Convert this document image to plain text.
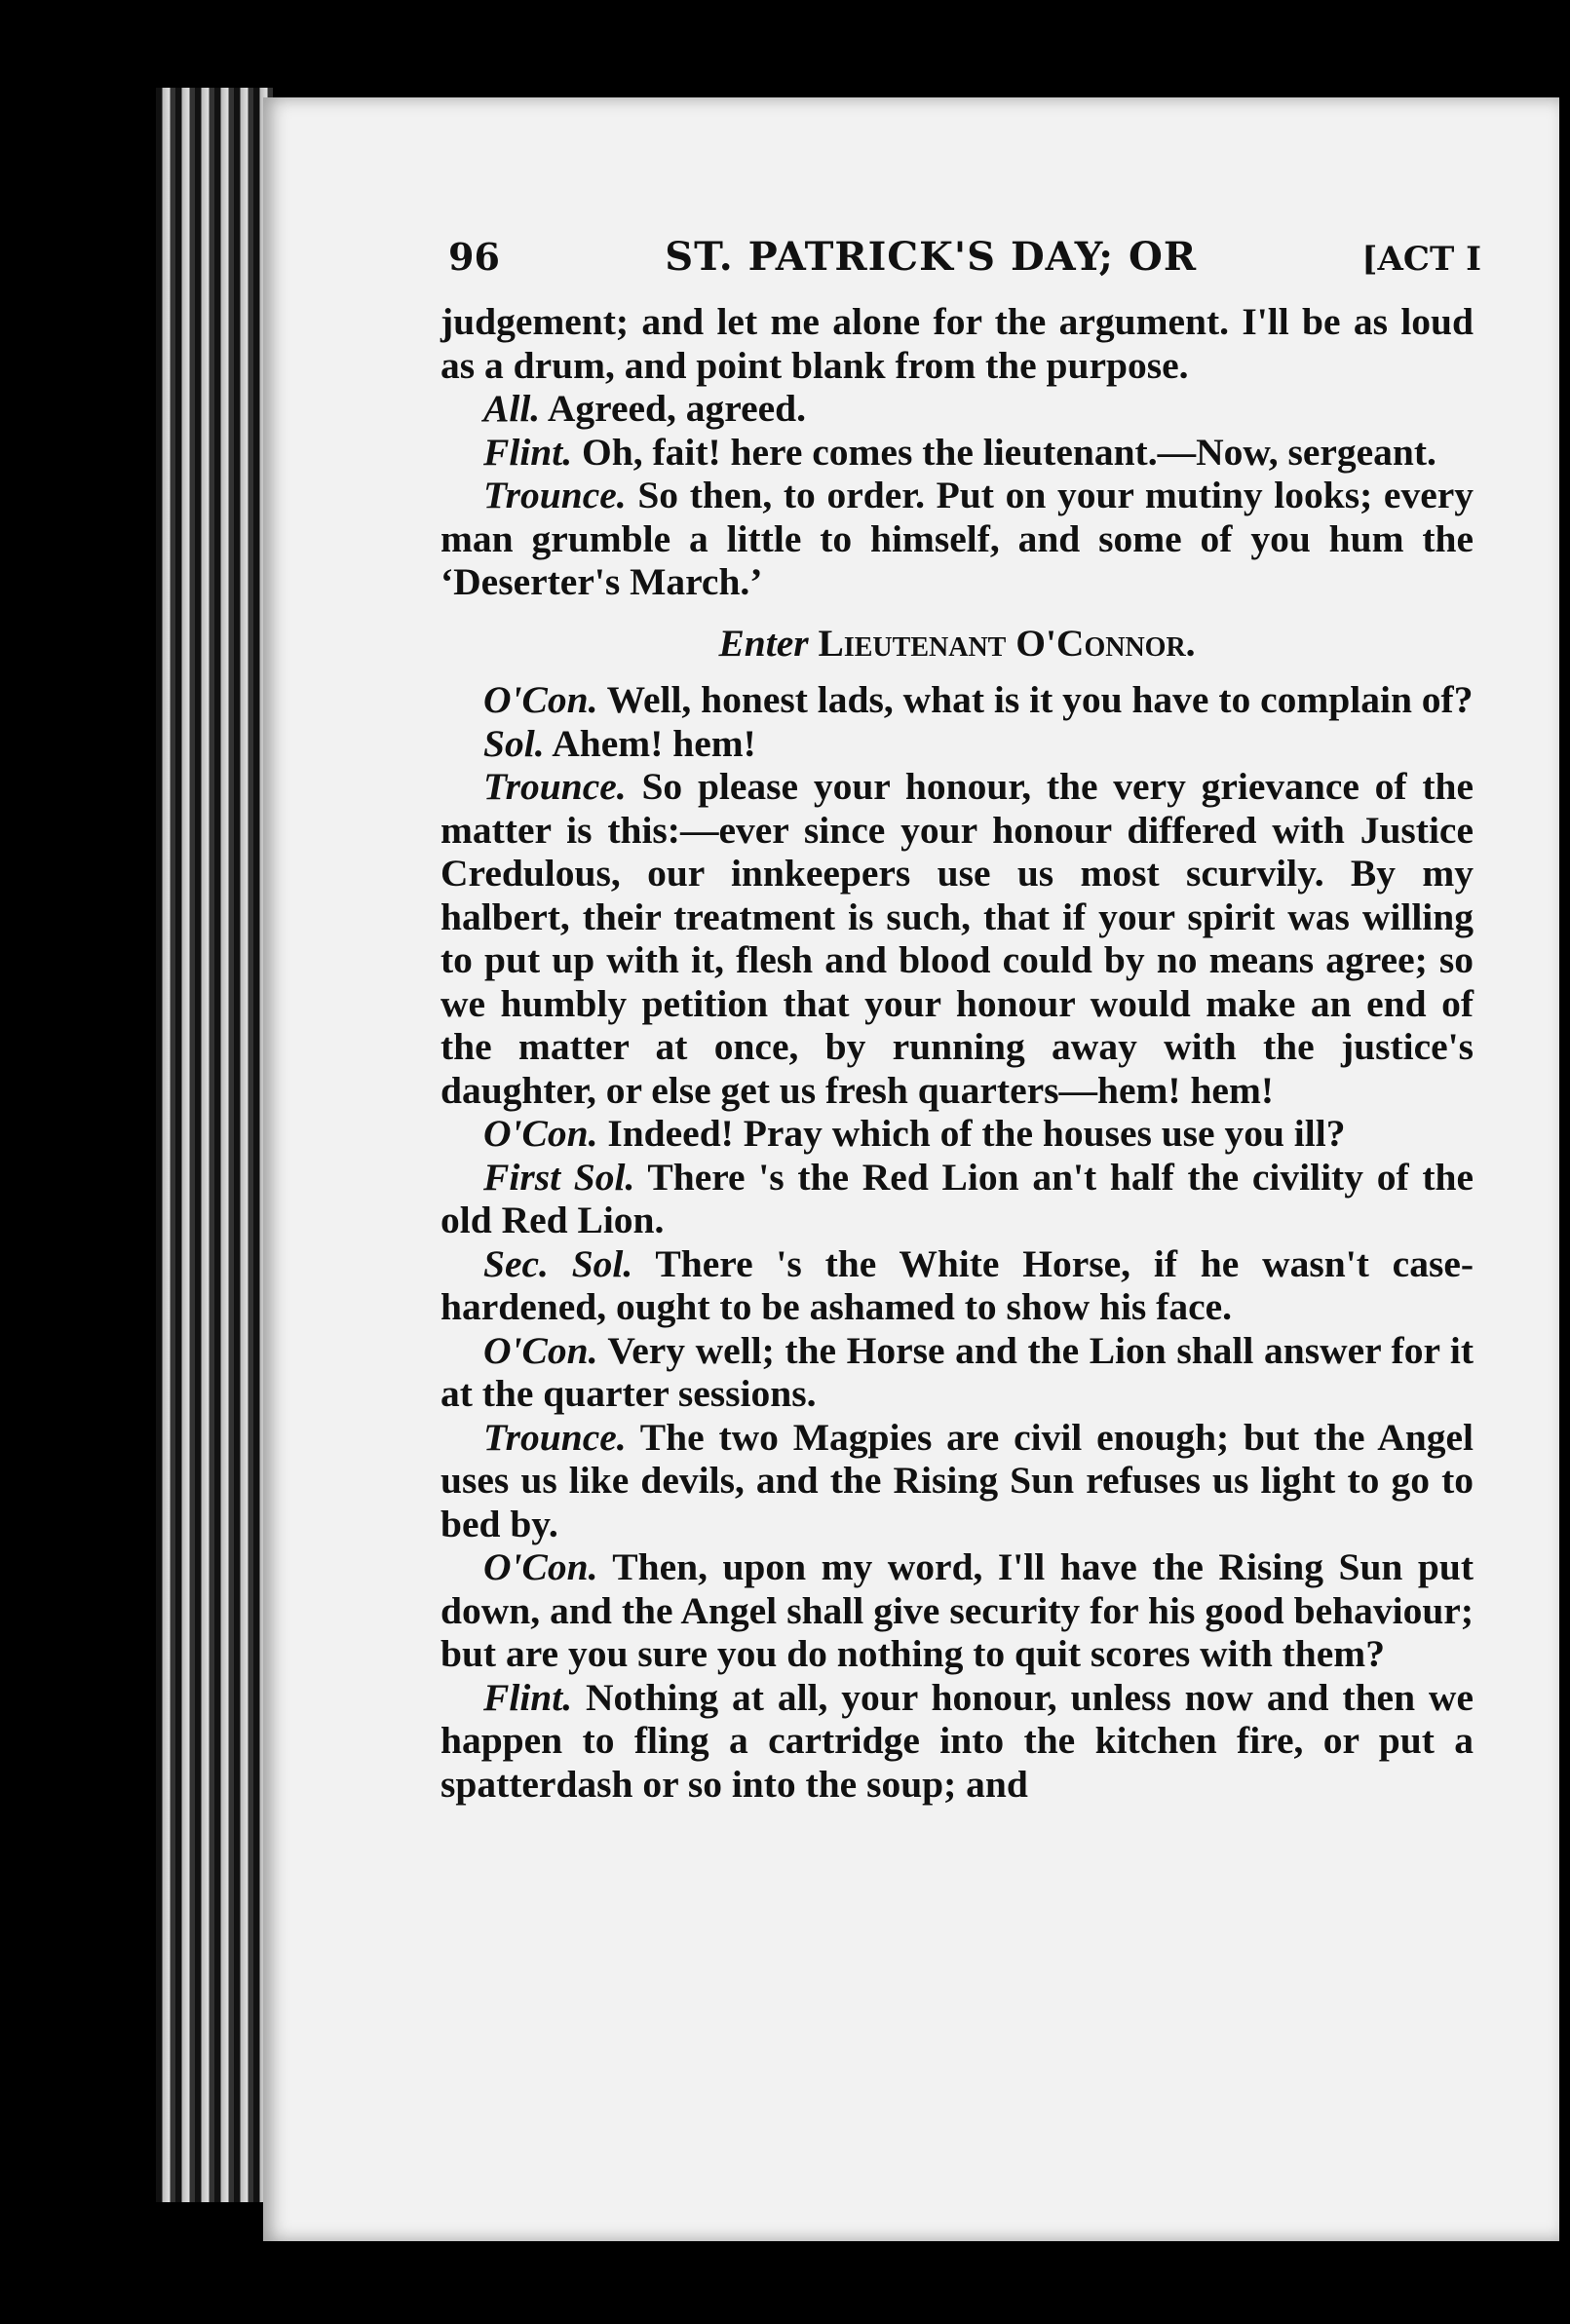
96	ST. PATRICK'S DAY; OR	[ACT I

judgement; and let me alone for the argument. I'll be as loud as a drum, and point blank from the purpose.

All. Agreed, agreed.

Flint. Oh, fait! here comes the lieutenant.—Now, sergeant.

Trounce. So then, to order. Put on your mutiny looks; every man grumble a little to himself, and some of you hum the ‘Deserter's March.’

Enter Lieutenant O'Connor.

O'Con. Well, honest lads, what is it you have to complain of?

Sol. Ahem! hem!

Trounce. So please your honour, the very grievance of the matter is this:—ever since your honour differed with Justice Credulous, our innkeepers use us most scurvily. By my halbert, their treatment is such, that if your spirit was willing to put up with it, flesh and blood could by no means agree; so we humbly petition that your honour would make an end of the matter at once, by running away with the justice's daughter, or else get us fresh quarters—hem! hem!

O'Con. Indeed! Pray which of the houses use you ill?

First Sol. There 's the Red Lion an't half the civility of the old Red Lion.

Sec. Sol. There 's the White Horse, if he wasn't case-hardened, ought to be ashamed to show his face.

O'Con. Very well; the Horse and the Lion shall answer for it at the quarter sessions.

Trounce. The two Magpies are civil enough; but the Angel uses us like devils, and the Rising Sun refuses us light to go to bed by.

O'Con. Then, upon my word, I'll have the Rising Sun put down, and the Angel shall give security for his good behaviour; but are you sure you do nothing to quit scores with them?

Flint. Nothing at all, your honour, unless now and then we happen to fling a cartridge into the kitchen fire, or put a spatterdash or so into the soup; and
